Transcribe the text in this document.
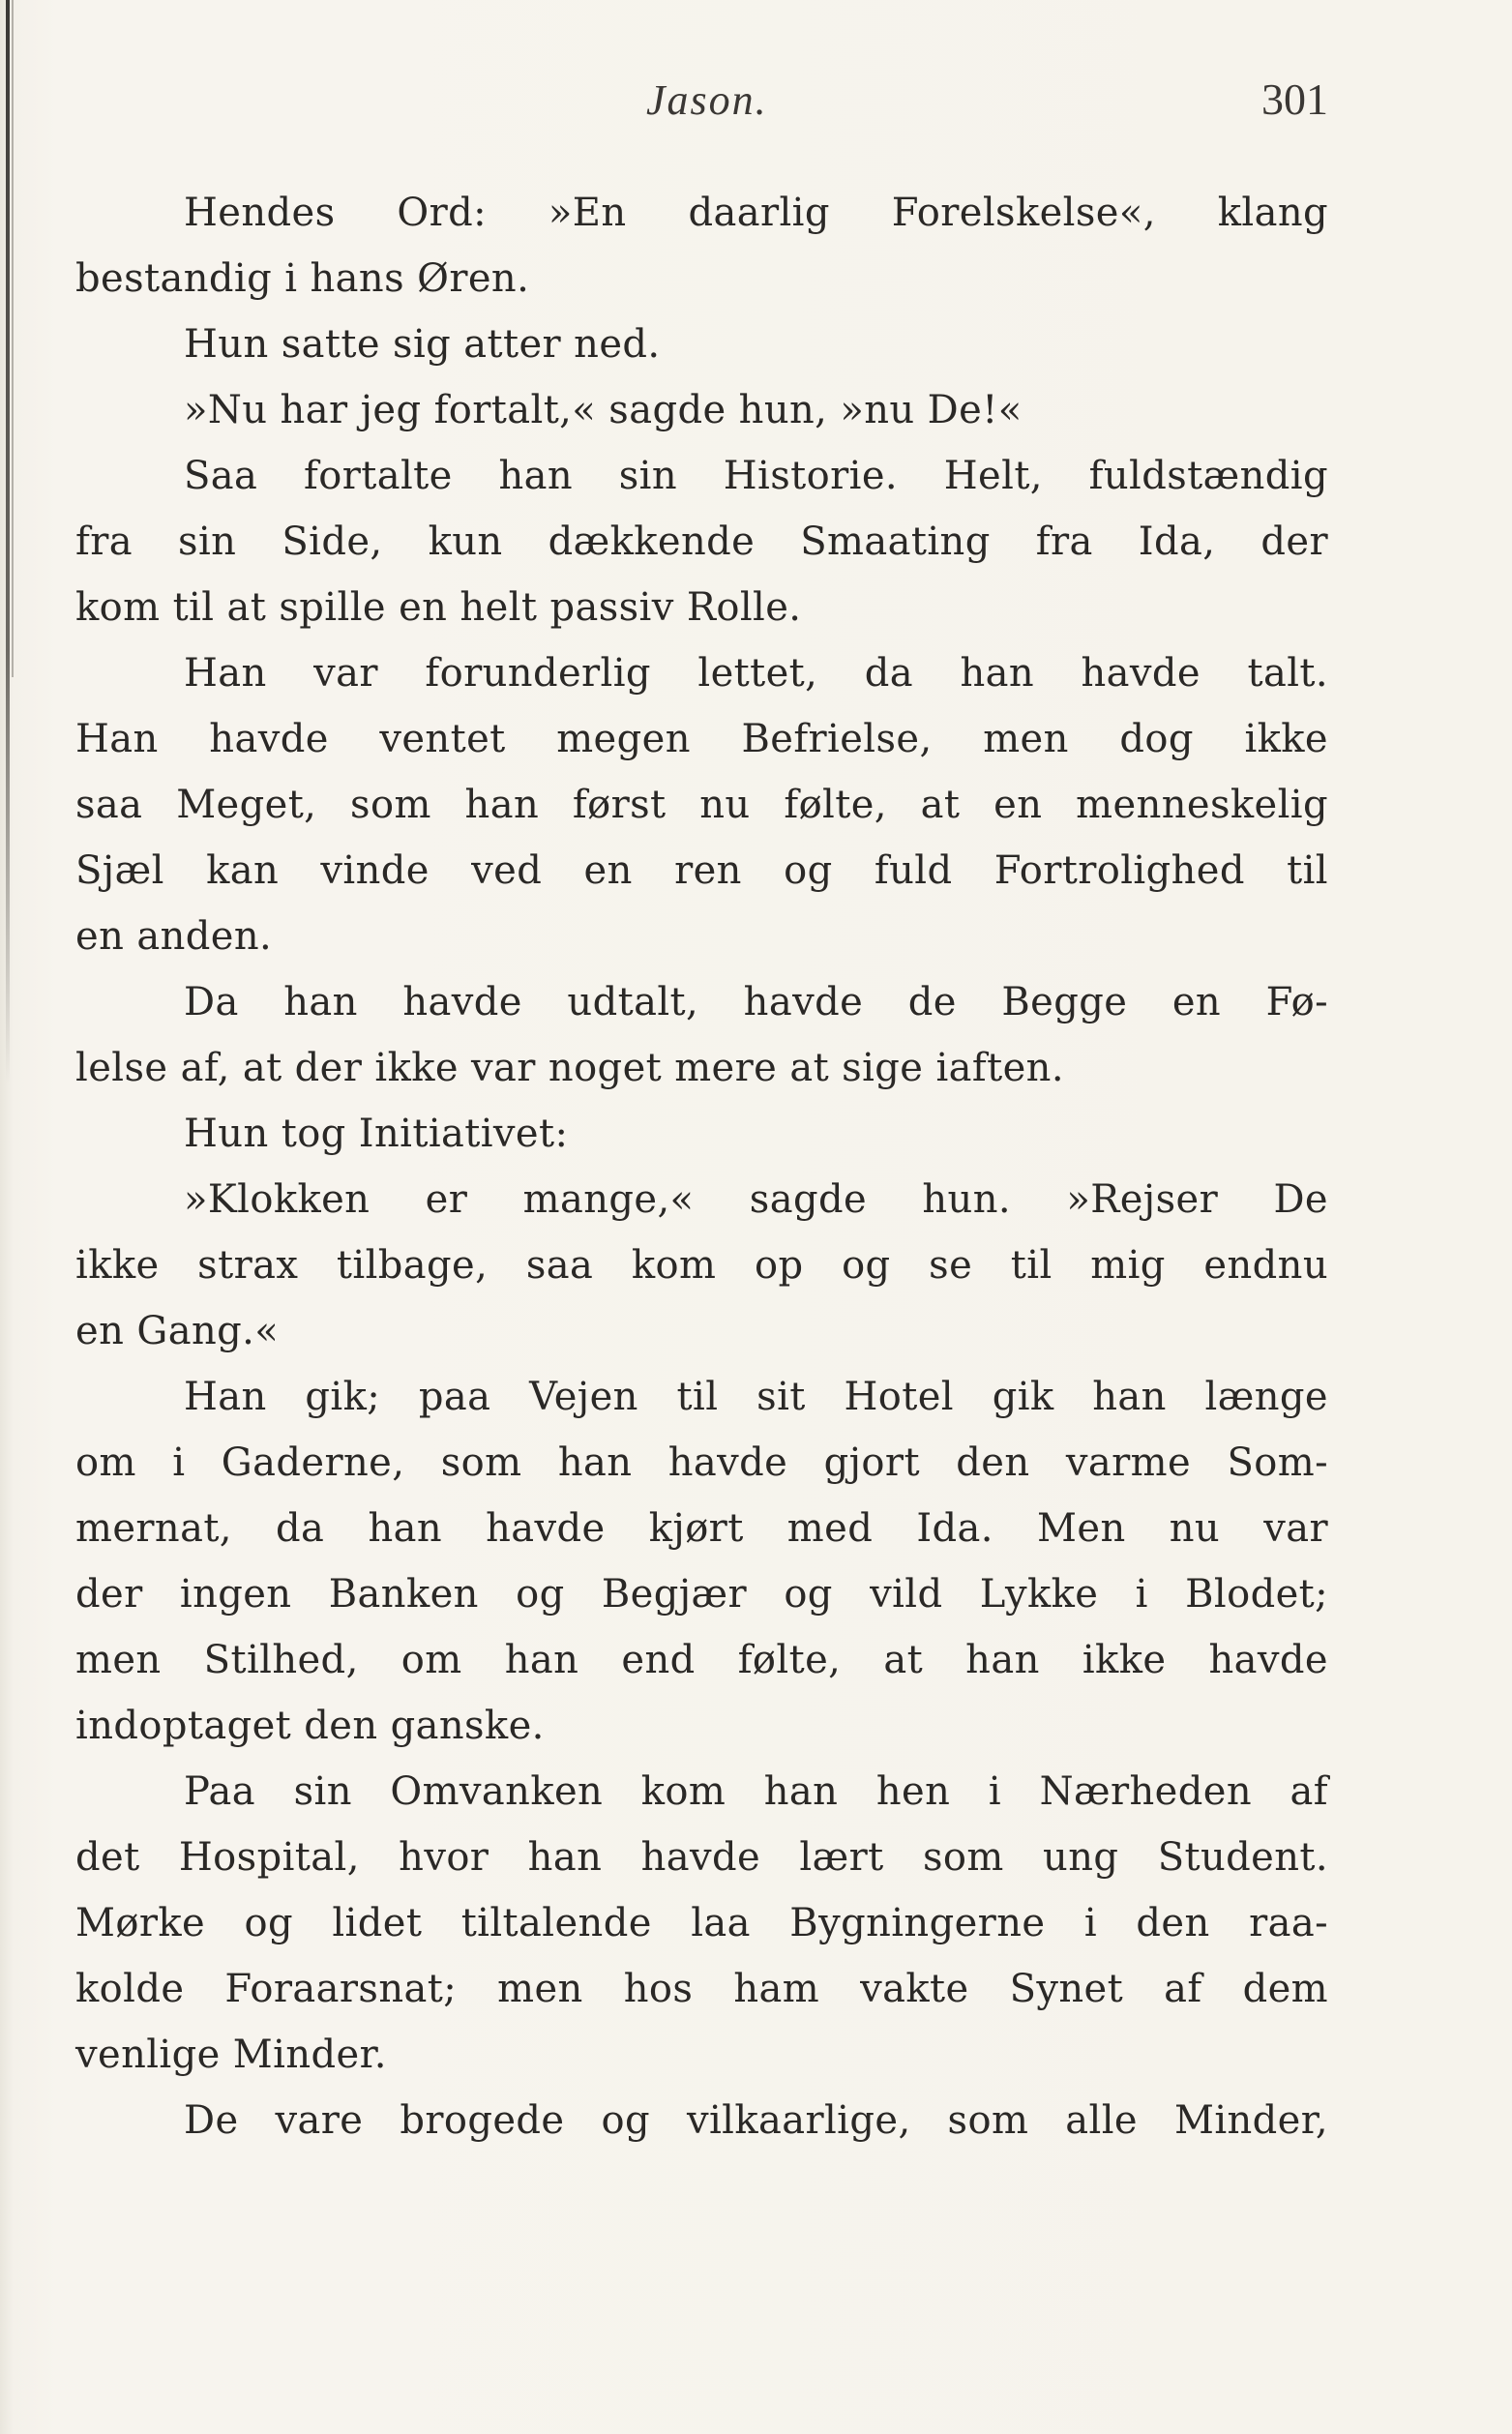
Jason.	301
Hendes Ord: »En daarlig Forelskelse«, klang
bestandig i hans Øren.
Hun satte sig atter ned.
»Nu har jeg fortalt,« sagde hun, »nu De!«
Saa fortalte han sin Historie. Helt, fuldstændig
fra sin Side, kun dækkende Smaating fra Ida, der
kom til at spille en helt passiv Rolle.
Han var forunderlig lettet, da han havde talt.
Han havde ventet megen Befrielse, men dog ikke
saa Meget, som han først nu følte, at en menneskelig
Sjæl kan vinde ved en ren og fuld Fortrolighed til
en anden.
Da han havde udtalt, havde de Begge en Fø-
lelse af, at der ikke var noget mere at sige iaften.
Hun tog Initiativet:
»Klokken er mange,« sagde hun. »Rejser De
ikke strax tilbage, saa kom op og se til mig endnu
en Gang.«
Han gik; paa Vejen til sit Hotel gik han længe
om i Gaderne, som han havde gjort den varme Som-
mernat, da han havde kjørt med Ida. Men nu var
der ingen Banken og Begjær og vild Lykke i Blodet;
men Stilhed, om han end følte, at han ikke havde
indoptaget den ganske.
Paa sin Omvanken kom han hen i Nærheden af
det Hospital, hvor han havde lært som ung Student.
Mørke og lidet tiltalende laa Bygningerne i den raa-
kolde Foraarsnat; men hos ham vakte Synet af dem
venlige Minder.
De vare brogede og vilkaarlige, som alle Minder,
